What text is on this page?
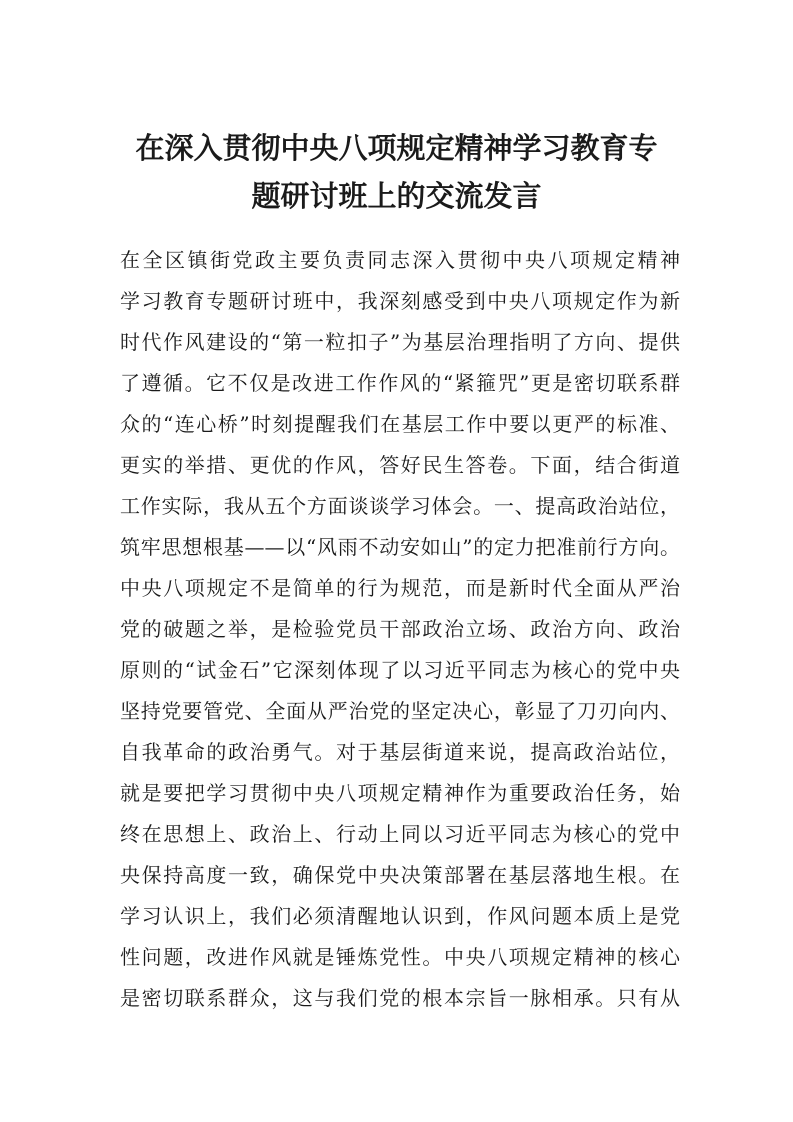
在深入贯彻中央八项规定精神学习教育专
题研讨班上的交流发言
在全区镇街党政主要负责同志深入贯彻中央八项规定精神
学习教育专题研讨班中，我深刻感受到中央八项规定作为新
时代作风建设的“第一粒扣子”为基层治理指明了方向、提供
了遵循。它不仅是改进工作作风的“紧箍咒”更是密切联系群
众的“连心桥”时刻提醒我们在基层工作中要以更严的标准、
更实的举措、更优的作风，答好民生答卷。下面，结合街道
工作实际，我从五个方面谈谈学习体会。一、提高政治站位，
筑牢思想根基——以“风雨不动安如山”的定力把准前行方向。
中央八项规定不是简单的行为规范，而是新时代全面从严治
党的破题之举，是检验党员干部政治立场、政治方向、政治
原则的“试金石”它深刻体现了以习近平同志为核心的党中央
坚持党要管党、全面从严治党的坚定决心，彰显了刀刃向内、
自我革命的政治勇气。对于基层街道来说，提高政治站位，
就是要把学习贯彻中央八项规定精神作为重要政治任务，始
终在思想上、政治上、行动上同以习近平同志为核心的党中
央保持高度一致，确保党中央决策部署在基层落地生根。在
学习认识上，我们必须清醒地认识到，作风问题本质上是党
性问题，改进作风就是锤炼党性。中央八项规定精神的核心
是密切联系群众，这与我们党的根本宗旨一脉相承。只有从
